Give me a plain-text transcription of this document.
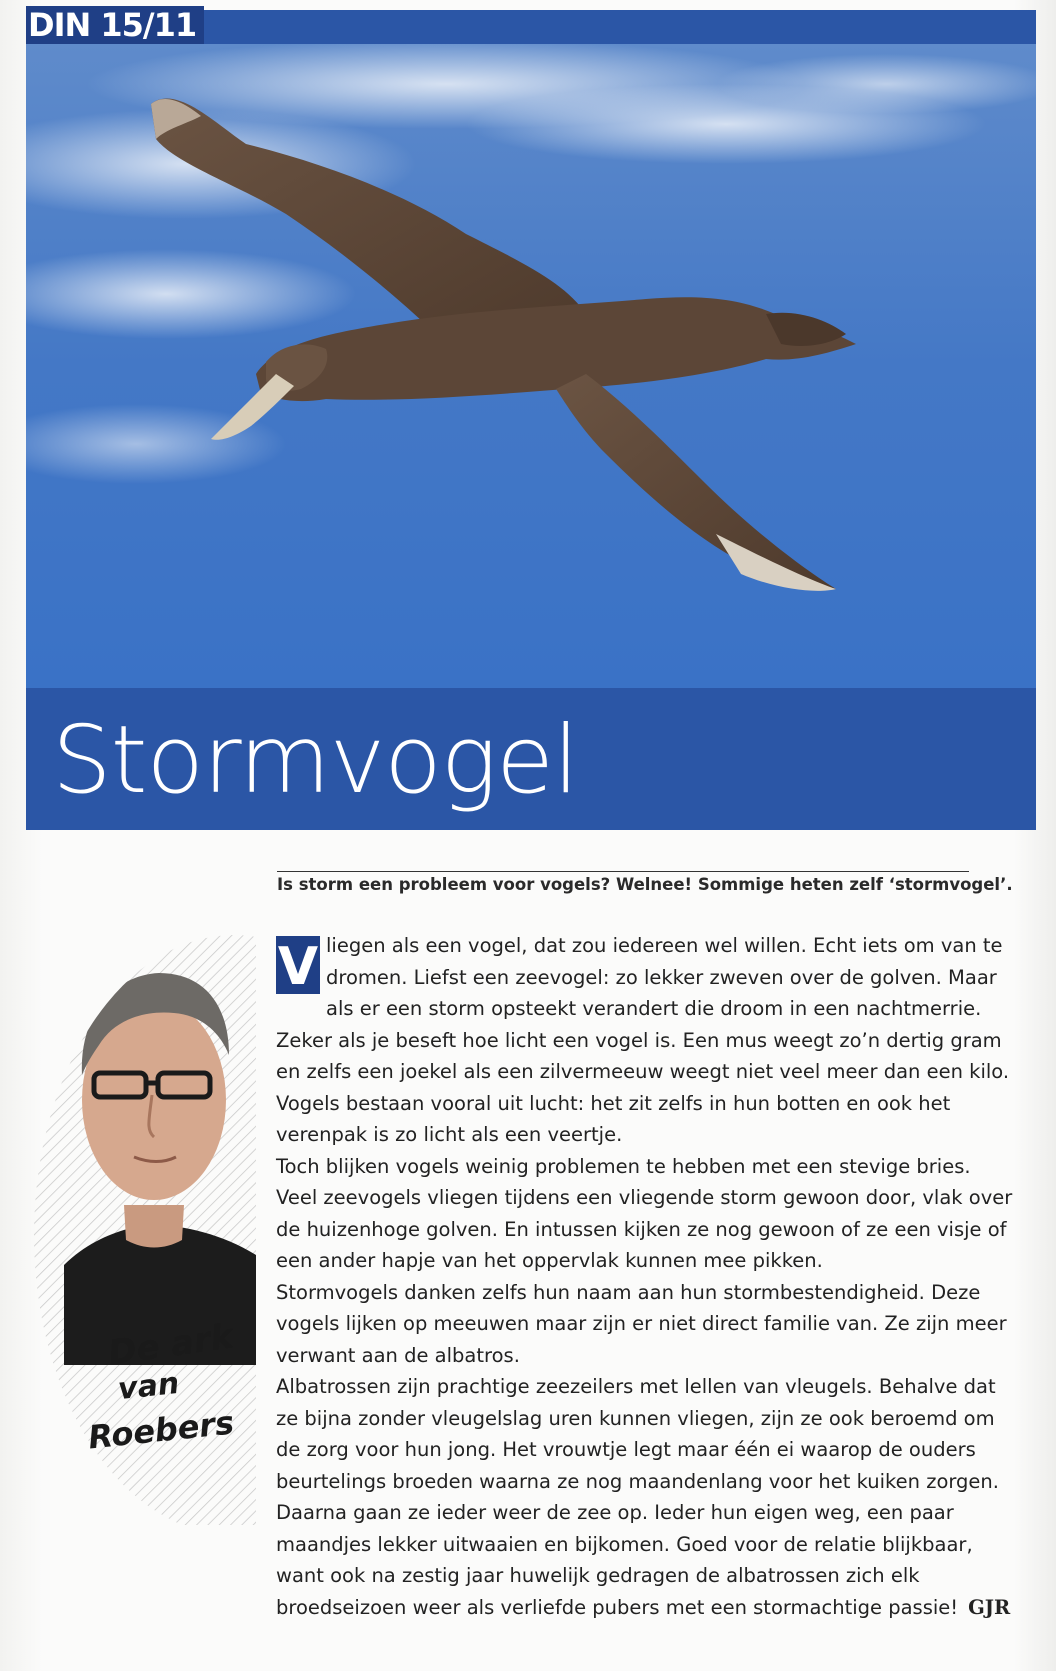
DIN 15/11
Stormvogel
De ark
van
Roebers
Is storm een probleem voor vogels? Welnee! Sommige heten zelf ‘stormvogel’.

V liegen als een vogel, dat zou iedereen wel willen. Echt iets om van te dromen. Liefst een zeevogel: zo lekker zweven over de golven. Maar als er een storm opsteekt verandert die droom in een nachtmerrie. Zeker als je beseft hoe licht een vogel is. Een mus weegt zo’n dertig gram en zelfs een joekel als een zilvermeeuw weegt niet veel meer dan een kilo. Vogels bestaan vooral uit lucht: het zit zelfs in hun botten en ook het verenpak is zo licht als een veertje.

Toch blijken vogels weinig problemen te hebben met een stevige bries. Veel zeevogels vliegen tijdens een vliegende storm gewoon door, vlak over de huizenhoge golven. En intussen kijken ze nog gewoon of ze een visje of een ander hapje van het oppervlak kunnen mee pikken.

Stormvogels danken zelfs hun naam aan hun stormbestendigheid. Deze vogels lijken op meeuwen maar zijn er niet direct familie van. Ze zijn meer verwant aan de albatros.

Albatrossen zijn prachtige zeezeilers met lellen van vleugels. Behalve dat ze bijna zonder vleugelslag uren kunnen vliegen, zijn ze ook beroemd om de zorg voor hun jong. Het vrouwtje legt maar één ei waarop de ouders beurtelings broeden waarna ze nog maandenlang voor het kuiken zorgen. Daarna gaan ze ieder weer de zee op. Ieder hun eigen weg, een paar maandjes lekker uitwaaien en bijkomen. Goed voor de relatie blijkbaar, want ook na zestig jaar huwelijk gedragen de albatrossen zich elk broedseizoen weer als verliefde pubers met een stormachtige passie! GJR
